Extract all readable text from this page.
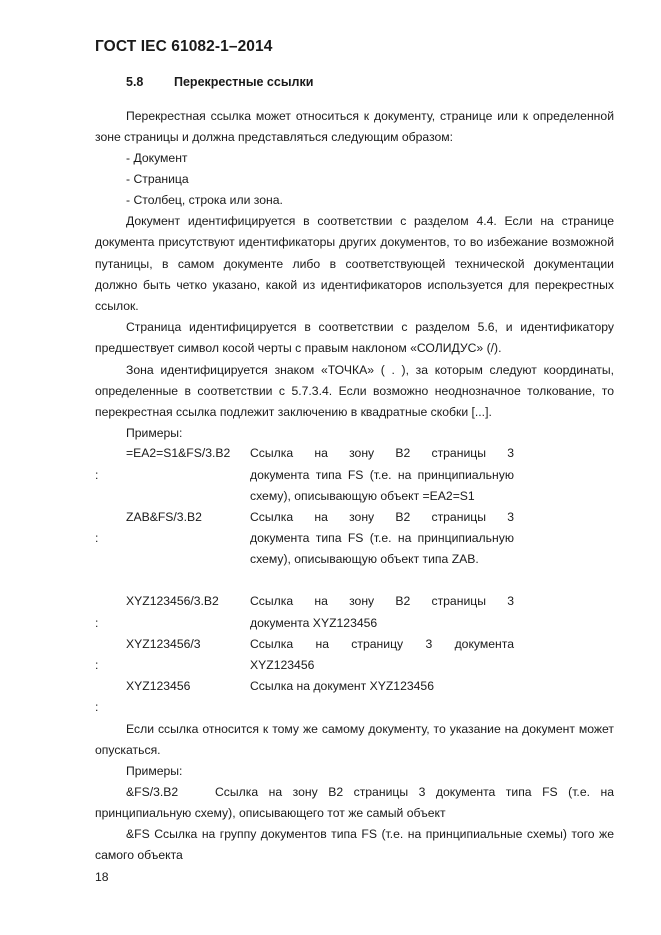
ГОСТ IEC 61082-1–2014
5.8 Перекрестные ссылки
Перекрестная ссылка может относиться к документу, странице или к определенной
зоне страницы и должна представляться следующим образом:
- Документ
- Страница
- Столбец, строка или зона.
Документ идентифицируется в соответствии с разделом 4.4. Если на странице
документа присутствуют идентификаторы других документов, то во избежание возможной
путаницы, в самом документе либо в соответствующей технической документации
должно быть четко указано, какой из идентификаторов используется для перекрестных
ссылок.
Страница идентифицируется в соответствии с разделом 5.6, и идентификатору
предшествует символ косой черты с правым наклоном «СОЛИДУС» (/).
Зона идентифицируется знаком «ТОЧКА» ( . ), за которым следуют координаты,
определенные в соответствии с 5.7.3.4. Если возможно неоднозначное толкование, то
перекрестная ссылка подлежит заключению в квадратные скобки [...].
Примеры:
=EA2=S1&FS/3.B2 Ссылка на зону В2 страницы 3
:	документа типа FS (т.е. на принципиальную
схему), описывающую объект =EA2=S1
ZAB&FS/3.B2	Ссылка на зону В2 страницы 3
:	документа типа FS (т.е. на принципиальную
схему), описывающую объект типа ZAB.
XYZ123456/3.B2	Ссылка на зону В2 страницы 3
:	документа XYZ123456
XYZ123456/3	Ссылка на страницу 3 документа
:	XYZ123456
XYZ123456	Ссылка на документ XYZ123456
:
Если ссылка относится к тому же самому документу, то указание на документ может
опускаться.
Примеры:
&FS/3.B2	Ссылка на зону В2 страницы 3 документа типа FS (т.е. на
принципиальную схему), описывающего тот же самый объект
&FS Ссылка на группу документов типа FS (т.е. на принципиальные схемы) того же
самого объекта
18
